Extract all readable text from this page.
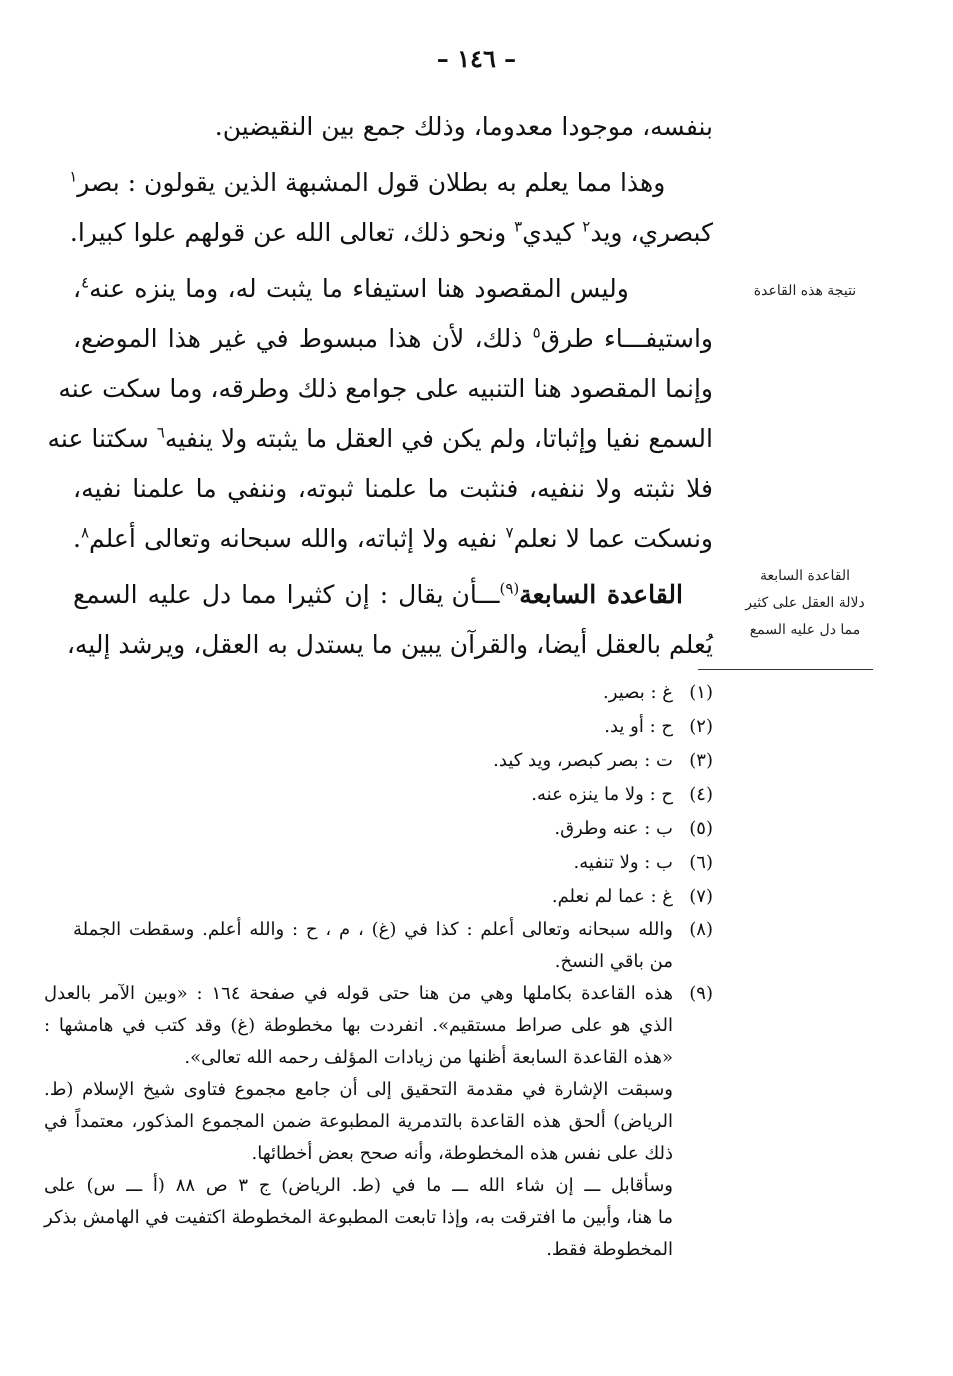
– ١٤٦ –
بنفسه، موجودا معدوما، وذلك جمع بين النقيضين.
وهذا مما يعلم به بطلان قول المشبهة الذين يقولون : بصر$^١$
كبصري، ويد$^٢$ كيدي$^٣$ ونحو ذلك، تعالى الله عن قولهم علوا كبيرا.
وليس المقصود هنا استيفاء ما يثبت له، وما ينزه عنه$^٤$،
واستيفـــاء طرق$^٥$ ذلك، لأن هذا مبسوط في غير هذا الموضع،
وإنما المقصود هنا التنبيه على جوامع ذلك وطرقه، وما سكت عنه
السمع نفيا وإثباتا، ولم يكن في العقل ما يثبته ولا ينفيه$^٦$ سكتنا عنه
فلا نثبته ولا ننفيه، فنثبت ما علمنا ثبوته، وننفي ما علمنا نفيه،
ونسكت عما لا نعلم$^٧$ نفيه ولا إثباته، والله سبحانه وتعالى أعلم$^٨$.
القاعدة السابعة$^{(٩)}$ـــأن يقال : إن كثيرا مما دل عليه السمع
يُعلم بالعقل أيضا، والقرآن يبين ما يستدل به العقل، ويرشد إليه،
نتيجة هذه القاعدة
القاعدة السابعة
دلالة العقل على كثير
مما دل عليه السمع
(١)
غ : بصير.
(٢)
ح : أو يد.
(٣)
ت : بصر كبصر، ويد كيد.
(٤)
ح : ولا ما ينزه عنه.
(٥)
ب : عنه وطرق.
(٦)
ب : ولا تنفيه.
(٧)
غ : عما لم نعلم.
(٨)
والله سبحانه وتعالى أعلم : كذا في (غ) ، م ، ح : والله أعلم. وسقطت الجملة
من باقي النسخ.
(٩)
هذه القاعدة بكاملها وهي من هنا حتى قوله في صفحة ١٦٤ : «وبين الآمر بالعدل
الذي هو على صراط مستقيم». انفردت بها مخطوطة (غ) وقد كتب في هامشها :
«هذه القاعدة السابعة أظنها من زيادات المؤلف رحمه الله تعالى».
وسبقت الإشارة في مقدمة التحقيق إلى أن جامع مجموع فتاوى شيخ الإسلام (ط.
الرياض) ألحق هذه القاعدة بالتدمرية المطبوعة ضمن المجموع المذكور، معتمداً في
ذلك على نفس هذه المخطوطة، وأنه صحح بعض أخطائها.
وسأقابل ـــ إن شاء الله ـــ ما في (ط. الرياض) ج ٣ ص ٨٨ (أ ـــ س) على
ما هنا، وأبين ما افترقت به، وإذا تابعت المطبوعة المخطوطة اكتفيت في الهامش بذكر
المخطوطة فقط.
